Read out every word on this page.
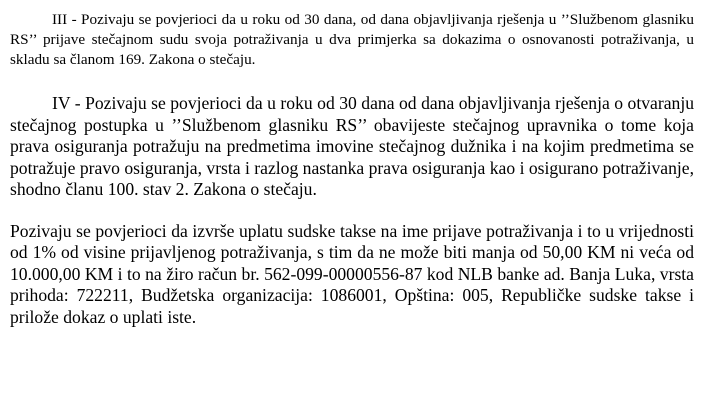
III - Pozivaju se povjerioci da u roku od 30 dana, od dana objavljivanja rješenja u ’’Službenom glasniku RS’’ prijave stečajnom sudu svoja potraživanja u dva primjerka sa dokazima o osnovanosti potraživanja, u skladu sa članom 169. Zakona o stečaju.

IV - Pozivaju se povjerioci da u roku od 30 dana od dana objavljivanja rješenja o otvaranju stečajnog postupka u ’’Službenom glasniku RS’’ obavijeste stečajnog upravnika o tome koja prava osiguranja potražuju na predmetima imovine stečajnog dužnika i na kojim predmetima se potražuje pravo osiguranja, vrsta i razlog nastanka prava osiguranja kao i osigurano potraživanje, shodno članu 100. stav 2. Zakona o stečaju.

Pozivaju se povjerioci da izvrše uplatu sudske takse na ime prijave potraživanja i to u vrijednosti od 1% od visine prijavljenog potraživanja, s tim da ne može biti manja od 50,00 KM ni veća od 10.000,00 KM i to na žiro račun br. 562-099-00000556-87 kod NLB banke ad. Banja Luka, vrsta prihoda: 722211, Budžetska organizacija: 1086001, Opština: 005, Republičke sudske takse i prilože dokaz o uplati iste.
